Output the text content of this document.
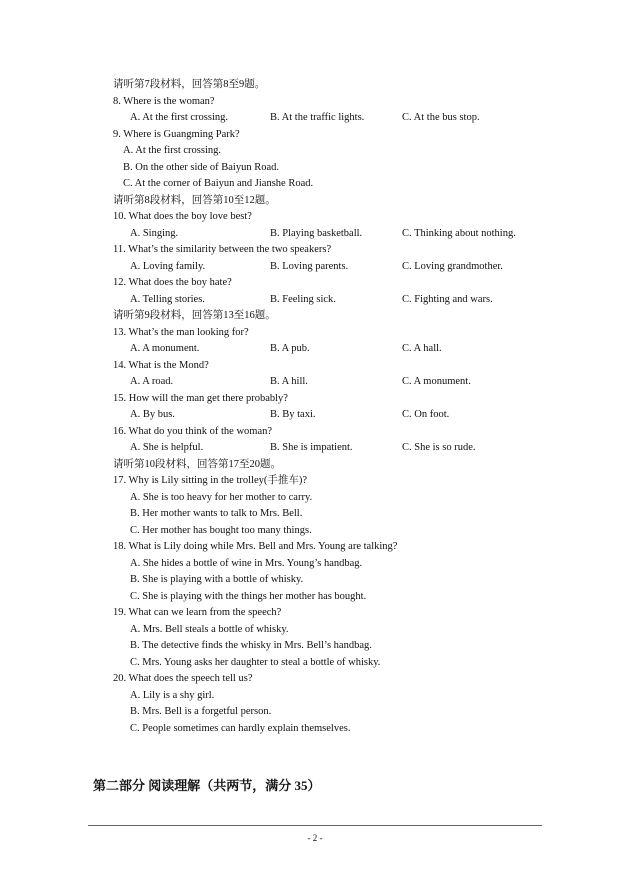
请听第7段材料，回答第8至9题。
8. Where is the woman?
A. At the first crossing.	B. At the traffic lights.	C. At the bus stop.
9. Where is Guangming Park?
A. At the first crossing.
B. On the other side of Baiyun Road.
C. At the corner of Baiyun and Jianshe Road.
请听第8段材料，回答第10至12题。
10. What does the boy love best?
A. Singing.	B. Playing basketball.	C. Thinking about nothing.
11. What’s the similarity between the two speakers?
A. Loving family.	B. Loving parents.	C. Loving grandmother.
12. What does the boy hate?
A. Telling stories.	B. Feeling sick.	C. Fighting and wars.
请听第9段材料，回答第13至16题。
13. What’s the man looking for?
A. A monument.	B. A pub.	C. A hall.
14. What is the Mond?
A. A road.	B. A hill.	C. A monument.
15. How will the man get there probably?
A. By bus.	B. By taxi.	C. On foot.
16. What do you think of the woman?
A. She is helpful.	B. She is impatient.	C. She is so rude.
请听第10段材料，回答第17至20题。
17. Why is Lily sitting in the trolley(手推车)?
A. She is too heavy for her mother to carry.
B. Her mother wants to talk to Mrs. Bell.
C. Her mother has bought too many things.
18. What is Lily doing while Mrs. Bell and Mrs. Young are talking?
A. She hides a bottle of wine in Mrs. Young’s handbag.
B. She is playing with a bottle of whisky.
C. She is playing with the things her mother has bought.
19. What can we learn from the speech?
A. Mrs. Bell steals a bottle of whisky.
B. The detective finds the whisky in Mrs. Bell’s handbag.
C. Mrs. Young asks her daughter to steal a bottle of whisky.
20. What does the speech tell us?
A. Lily is a shy girl.
B. Mrs. Bell is a forgetful person.
C. People sometimes can hardly explain themselves.
第二部分 阅读理解（共两节，满分 35）
- 2 -
